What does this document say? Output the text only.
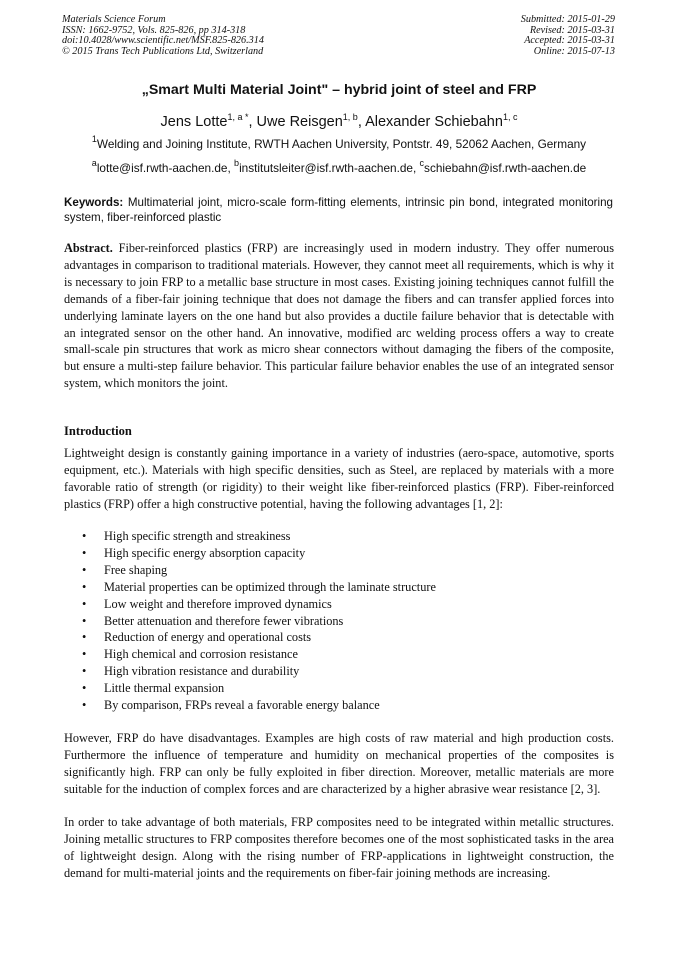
Materials Science Forum
ISSN: 1662-9752, Vols. 825-826, pp 314-318
doi:10.4028/www.scientific.net/MSF.825-826.314
© 2015 Trans Tech Publications Ltd, Switzerland
Submitted: 2015-01-29
Revised: 2015-03-31
Accepted: 2015-03-31
Online: 2015-07-13
„Smart Multi Material Joint" – hybrid joint of steel and FRP
Jens Lotte$^{1, a *}$, Uwe Reisgen$^{1, b}$, Alexander Schiebahn$^{1, c}$
$^1$Welding and Joining Institute, RWTH Aachen University, Pontstr. 49, 52062 Aachen, Germany
$^a$lotte@isf.rwth-aachen.de, $^b$institutsleiter@isf.rwth-aachen.de, $^c$schiebahn@isf.rwth-aachen.de
Keywords: Multimaterial joint, micro-scale form-fitting elements, intrinsic pin bond, integrated monitoring system, fiber-reinforced plastic

Abstract. Fiber-reinforced plastics (FRP) are increasingly used in modern industry. They offer numerous advantages in comparison to traditional materials. However, they cannot meet all requirements, which is why it is necessary to join FRP to a metallic base structure in most cases. Existing joining techniques cannot fulfill the demands of a fiber-fair joining technique that does not damage the fibers and can transfer applied forces into underlying laminate layers on the one hand but also provides a ductile failure behavior that is detectable with an integrated sensor on the other hand. An innovative, modified arc welding process offers a way to create small-scale pin structures that work as micro shear connectors without damaging the fibers of the composite, but ensure a multi-step failure behavior. This particular failure behavior enables the use of an integrated sensor system, which monitors the joint.

Introduction

Lightweight design is constantly gaining importance in a variety of industries (aero-space, automotive, sports equipment, etc.). Materials with high specific densities, such as Steel, are replaced by materials with a more favorable ratio of strength (or rigidity) to their weight like fiber-reinforced plastics (FRP). Fiber-reinforced plastics (FRP) offer a high constructive potential, having the following advantages [1, 2]:

• High specific strength and streakiness
• High specific energy absorption capacity
• Free shaping
• Material properties can be optimized through the laminate structure
• Low weight and therefore improved dynamics
• Better attenuation and therefore fewer vibrations
• Reduction of energy and operational costs
• High chemical and corrosion resistance
• High vibration resistance and durability
• Little thermal expansion
• By comparison, FRPs reveal a favorable energy balance

However, FRP do have disadvantages. Examples are high costs of raw material and high production costs. Furthermore the influence of temperature and humidity on mechanical properties of the composites is significantly high. FRP can only be fully exploited in fiber direction. Moreover, metallic materials are more suitable for the induction of complex forces and are characterized by a higher abrasive wear resistance [2, 3].

In order to take advantage of both materials, FRP composites need to be integrated within metallic structures. Joining metallic structures to FRP composites therefore becomes one of the most sophisticated tasks in the area of lightweight design. Along with the rising number of FRP-applications in lightweight construction, the demand for multi-material joints and the requirements on fiber-fair joining methods are increasing.
